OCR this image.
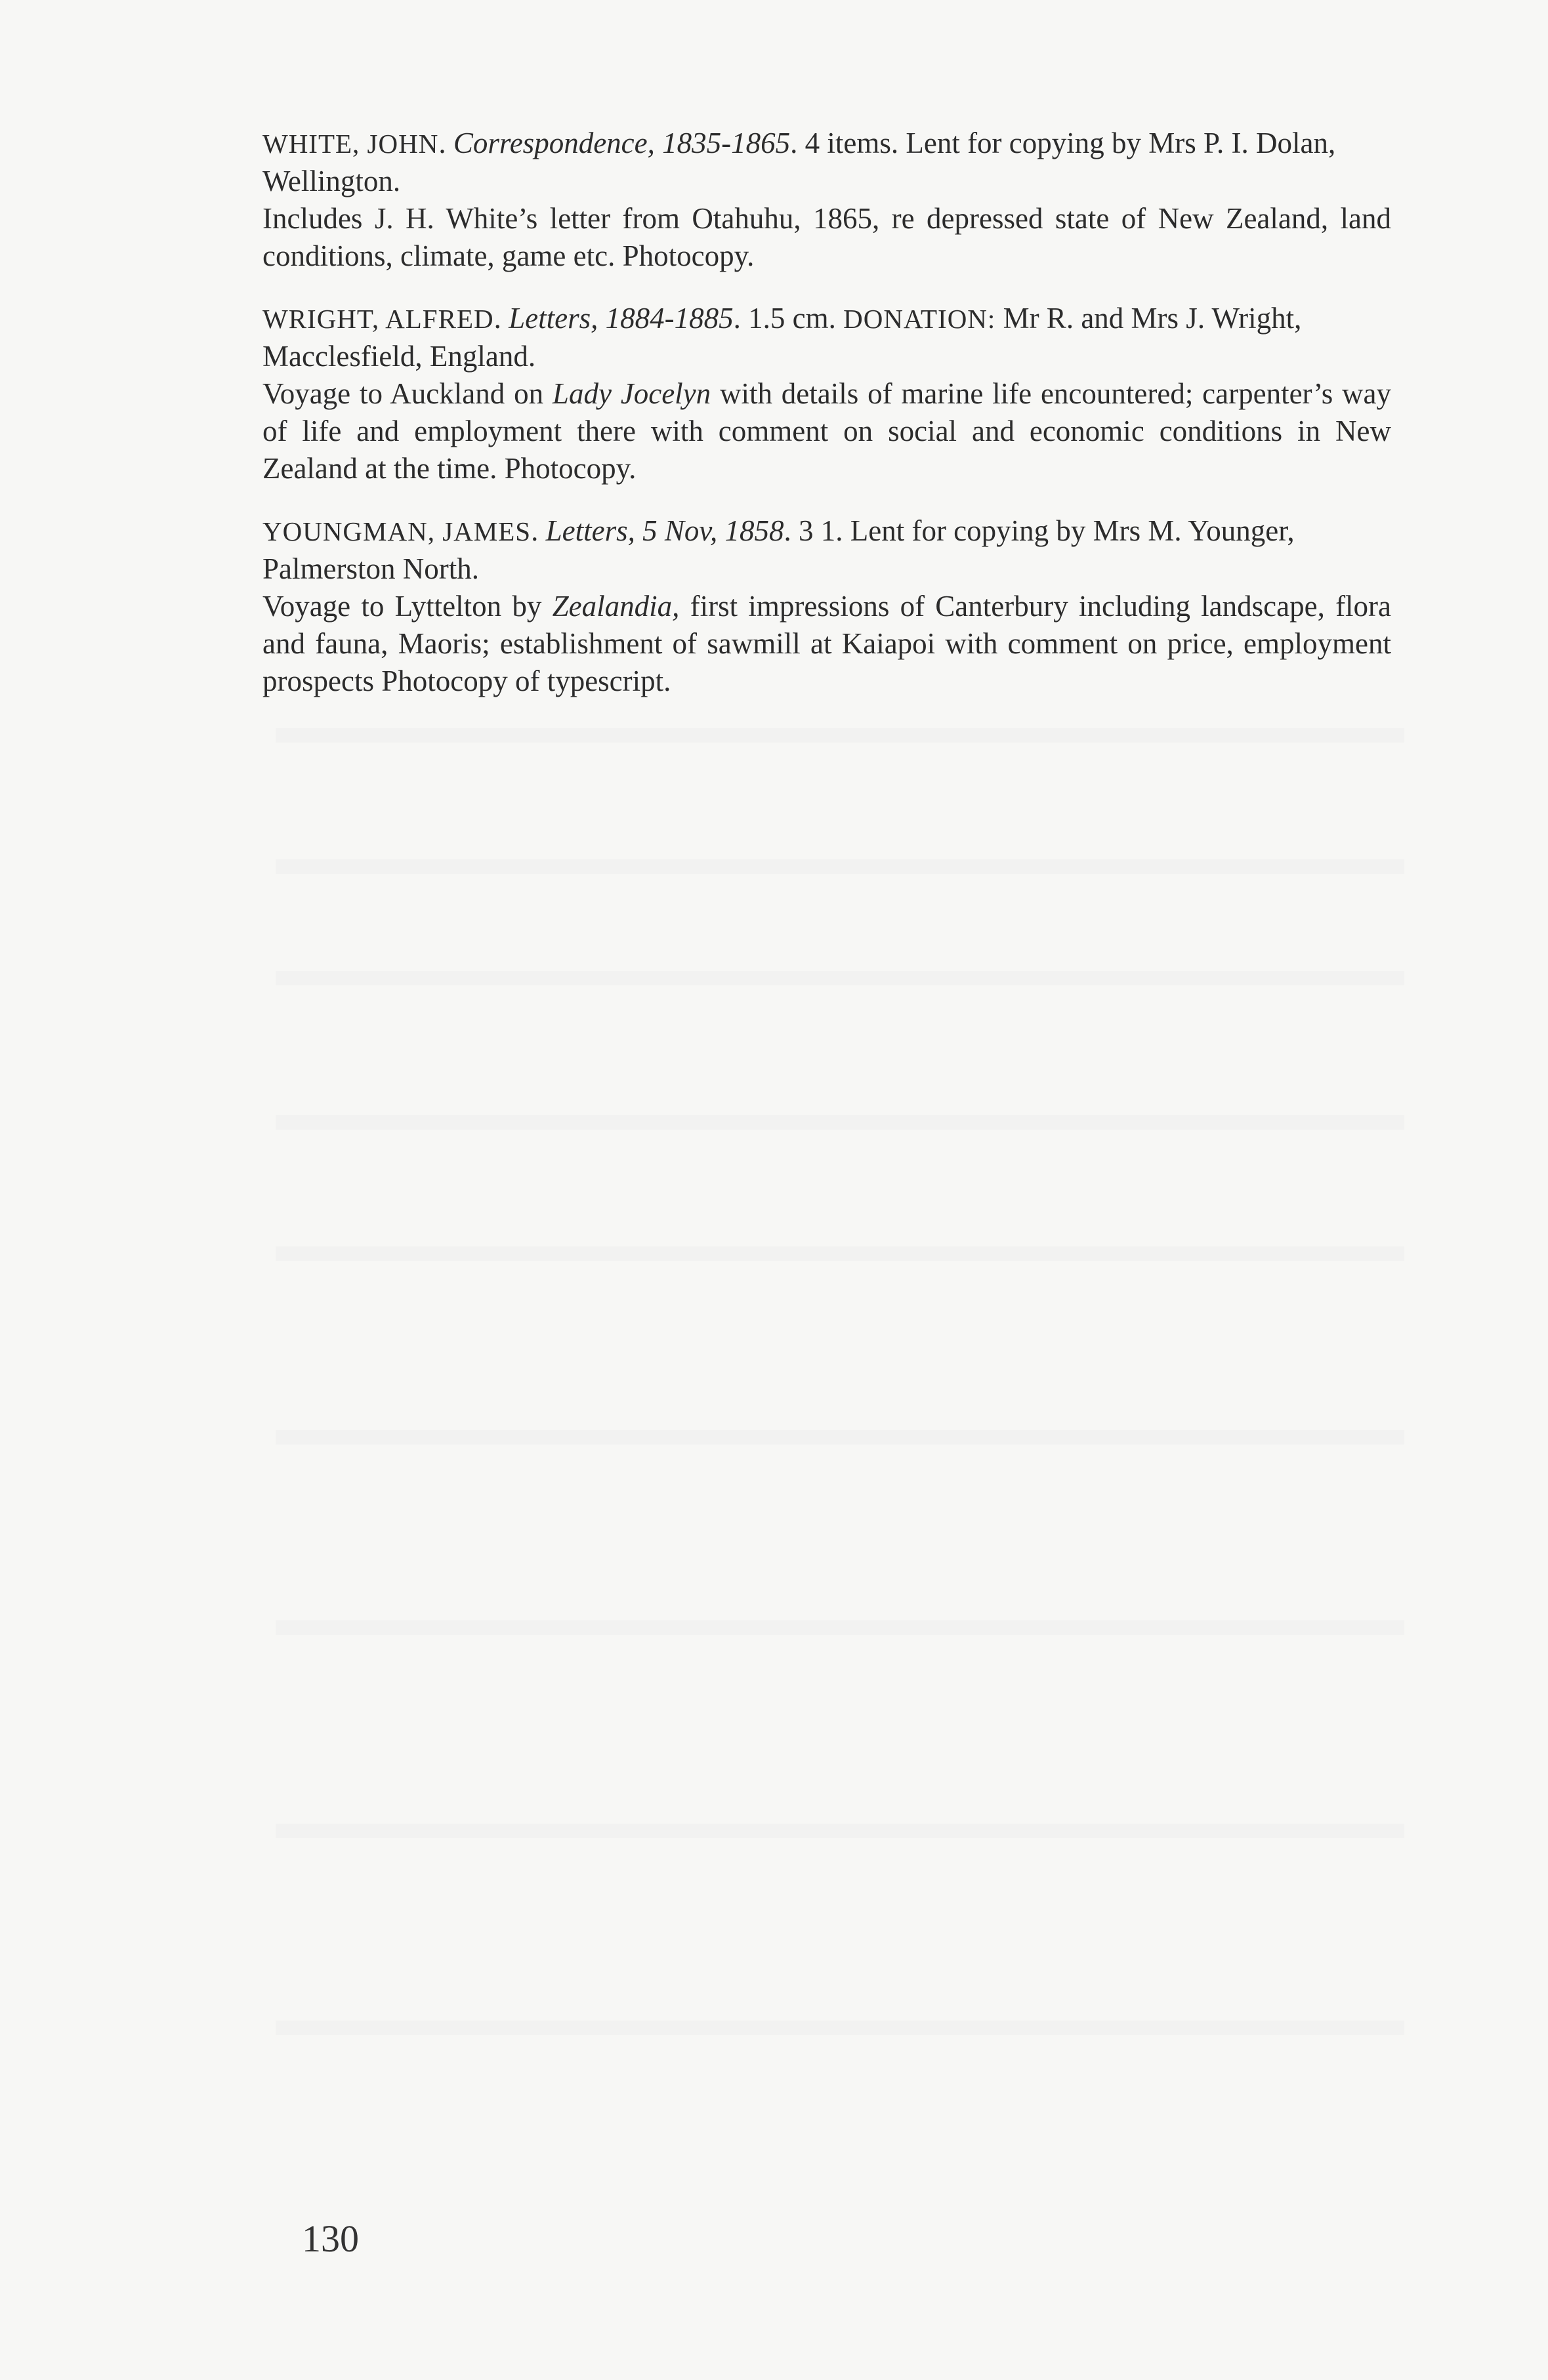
WHITE, JOHN. Correspondence, 1835-1865. 4 items. Lent for copying by Mrs P. I. Dolan, Wellington.

Includes J. H. White’s letter from Otahuhu, 1865, re depressed state of New Zealand, land conditions, climate, game etc. Photocopy.

WRIGHT, ALFRED. Letters, 1884-1885. 1.5 cm. DONATION: Mr R. and Mrs J. Wright, Macclesfield, England.

Voyage to Auckland on Lady Jocelyn with details of marine life encountered; carpenter’s way of life and employment there with comment on social and economic conditions in New Zealand at the time. Photocopy.

YOUNGMAN, JAMES. Letters, 5 Nov, 1858. 3 1. Lent for copying by Mrs M. Younger, Palmerston North.

Voyage to Lyttelton by Zealandia, first impressions of Canterbury including landscape, flora and fauna, Maoris; establishment of sawmill at Kaiapoi with comment on price, employment prospects Photocopy of typescript.

130
